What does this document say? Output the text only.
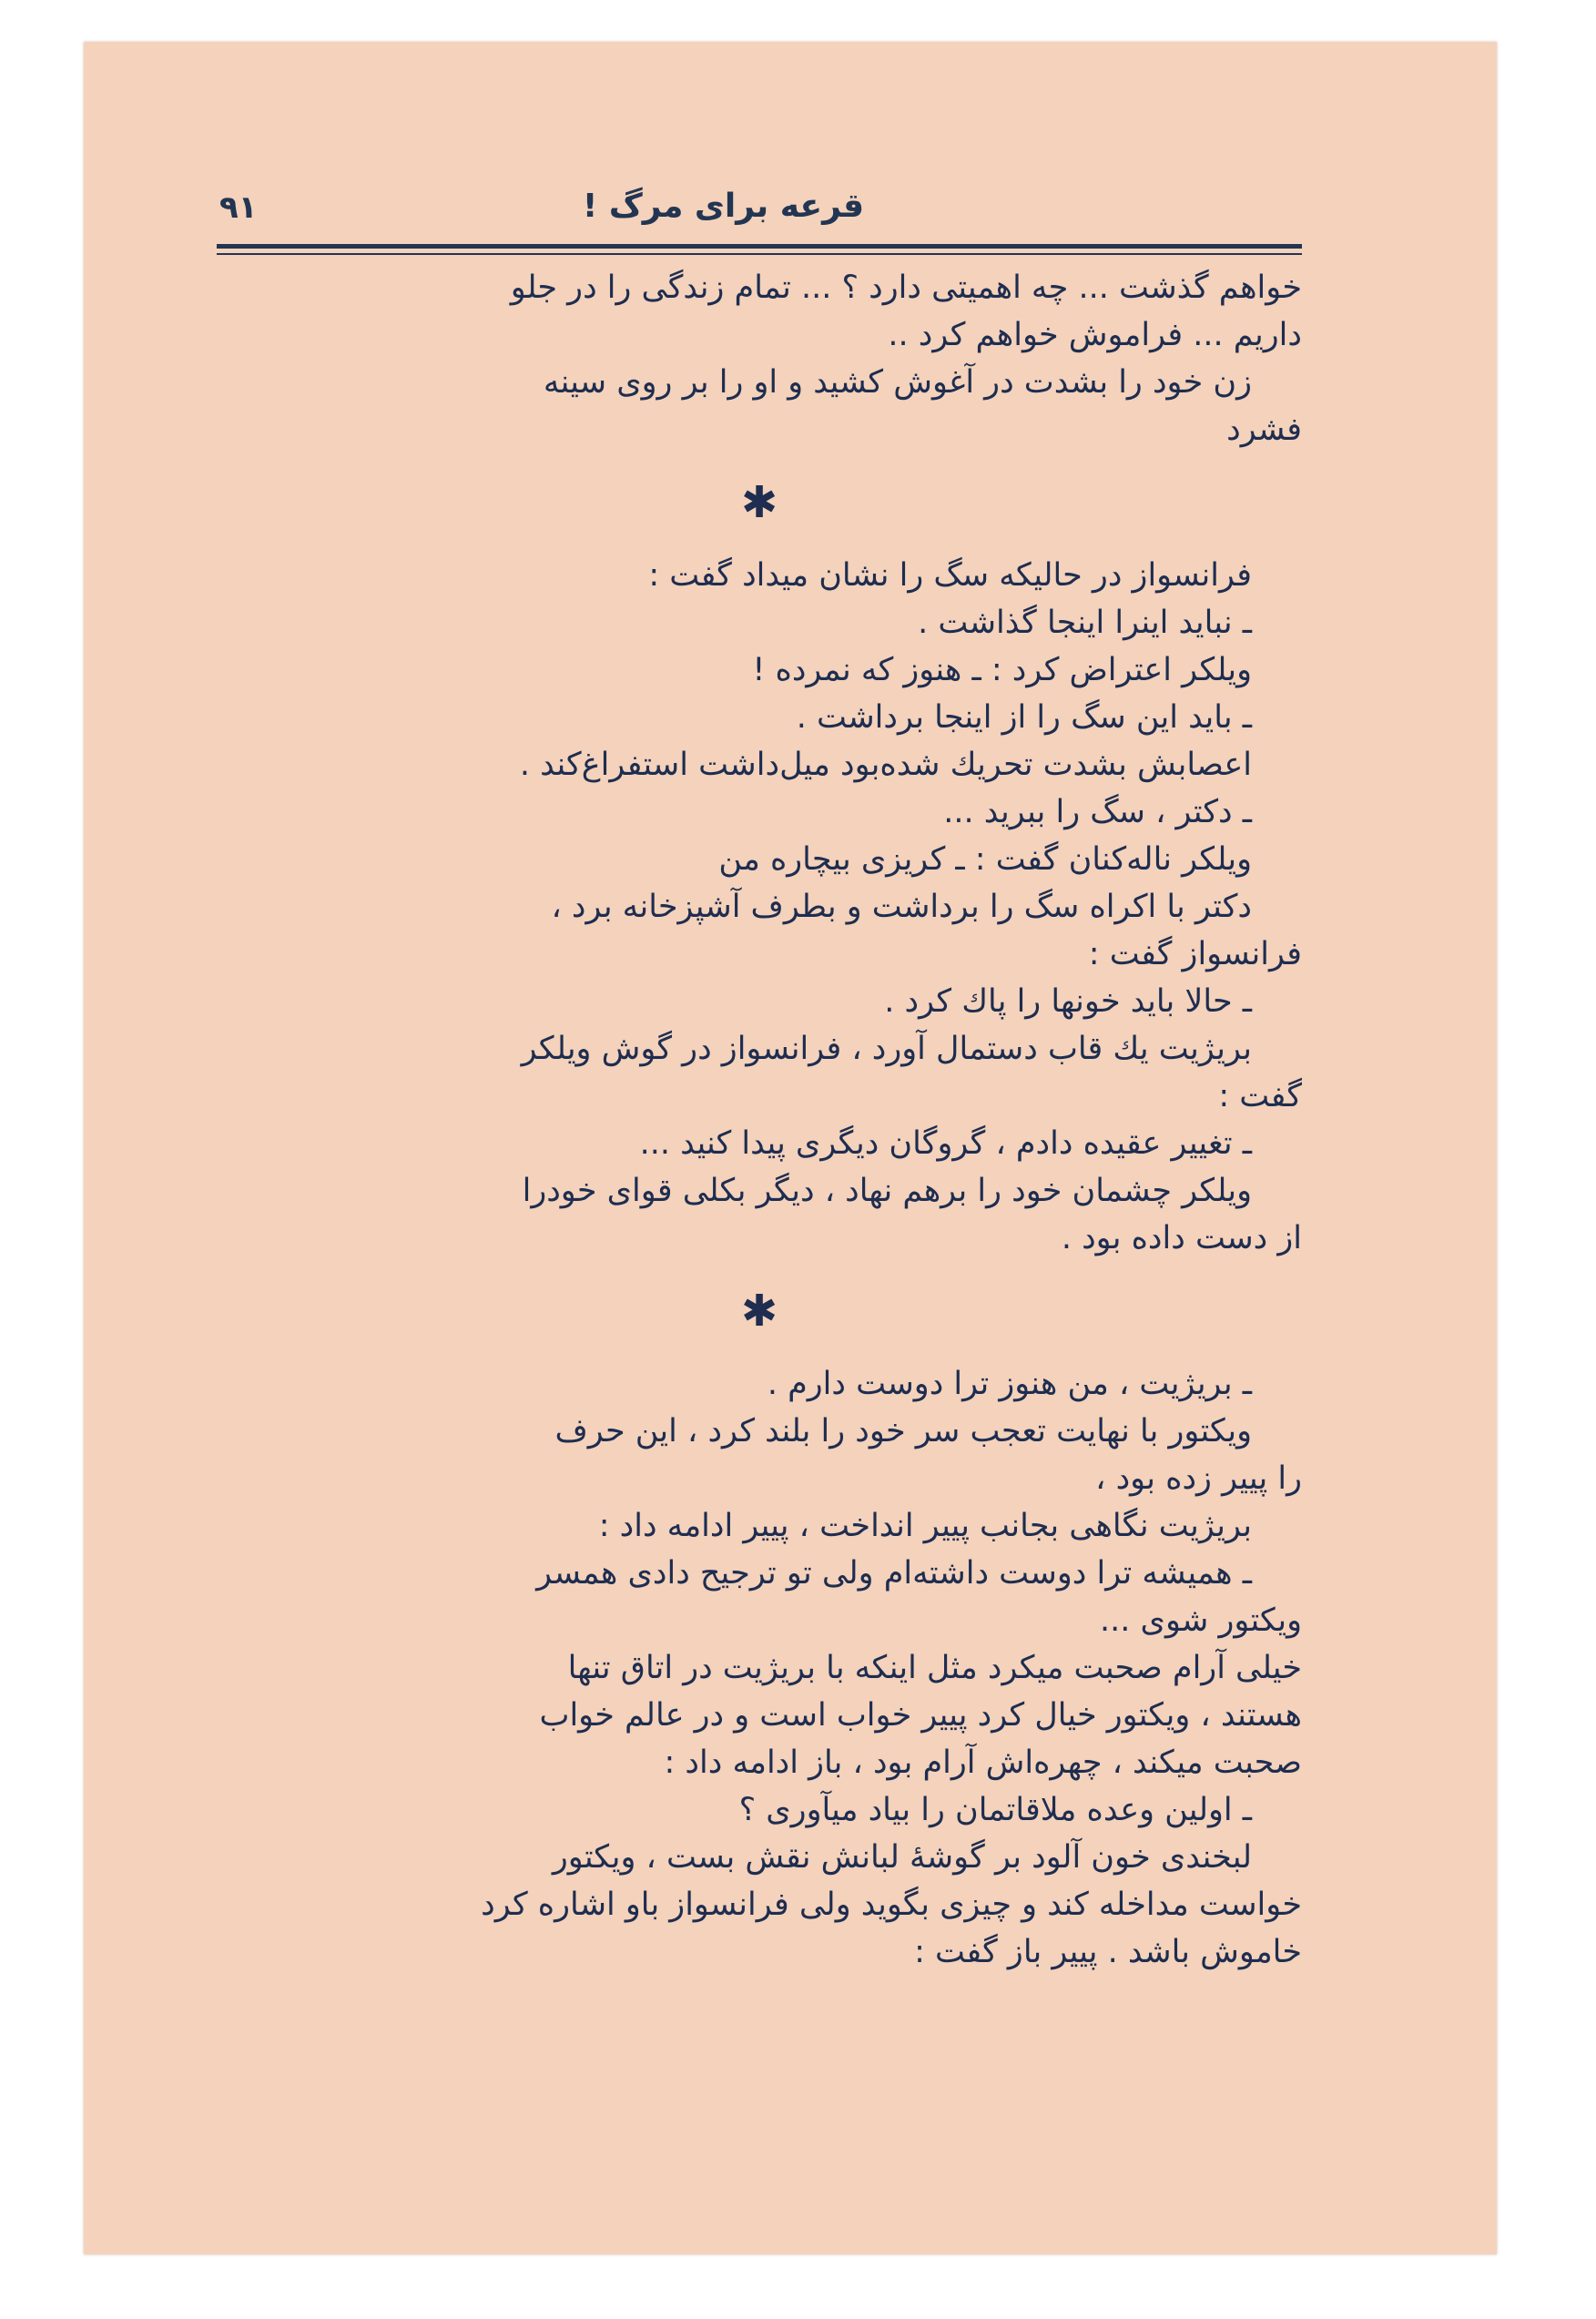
قرعه برای مرگ !
۹۱
خواهم گذشت ... چه اهمیتی دارد ؟ ... تمام زندگی را در جلو
داریم ... فراموش خواهم کرد ..
زن خود را بشدت در آغوش کشید و او را بر روی سینه
فشرد
✱
فرانسواز در حالیکه سگ را نشان میداد گفت :
ـ نباید اینرا اینجا گذاشت .
ویلکر اعتراض کرد : ـ هنوز که نمرده !
ـ باید این سگ را از اینجا برداشت .
اعصابش بشدت تحریك شده‌بود میل‌داشت استفراغ‌کند .
ـ دکتر ، سگ را ببرید ...
ویلکر ناله‌کنان گفت : ـ کریزی بیچاره من
دکتر با اکراه سگ را برداشت و بطرف آشپزخانه برد ،
فرانسواز گفت :
ـ حالا باید خونها را پاك کرد .
بریژیت یك قاب دستمال آورد ، فرانسواز در گوش ویلکر
گفت :
ـ تغییر عقیده دادم ، گروگان دیگری پیدا کنید ...
ویلکر چشمان خود را برهم نهاد ، دیگر بکلی قوای خودرا
از دست داده بود .
✱
ـ بریژیت ، من هنوز ترا دوست دارم .
ویکتور با نهایت تعجب سر خود را بلند کرد ، این حرف
را پییر زده بود ،
بریژیت نگاهی بجانب پییر انداخت ، پییر ادامه داد :
ـ همیشه ترا دوست داشته‌ام ولی تو ترجیح دادی همسر
ویکتور شوی ...
خیلی آرام صحبت میکرد مثل اینکه با بریژیت در اتاق تنها
هستند ، ویکتور خیال کرد پییر خواب است و در عالم خواب
صحبت میکند ، چهره‌اش آرام بود ، باز ادامه داد :
ـ اولین وعده ملاقاتمان را بیاد میآوری ؟
لبخندی خون آلود بر گوشهٔ لبانش نقش بست ، ویکتور
خواست مداخله کند و چیزی بگوید ولی فرانسواز باو اشاره کرد
خاموش باشد . پییر باز گفت :
